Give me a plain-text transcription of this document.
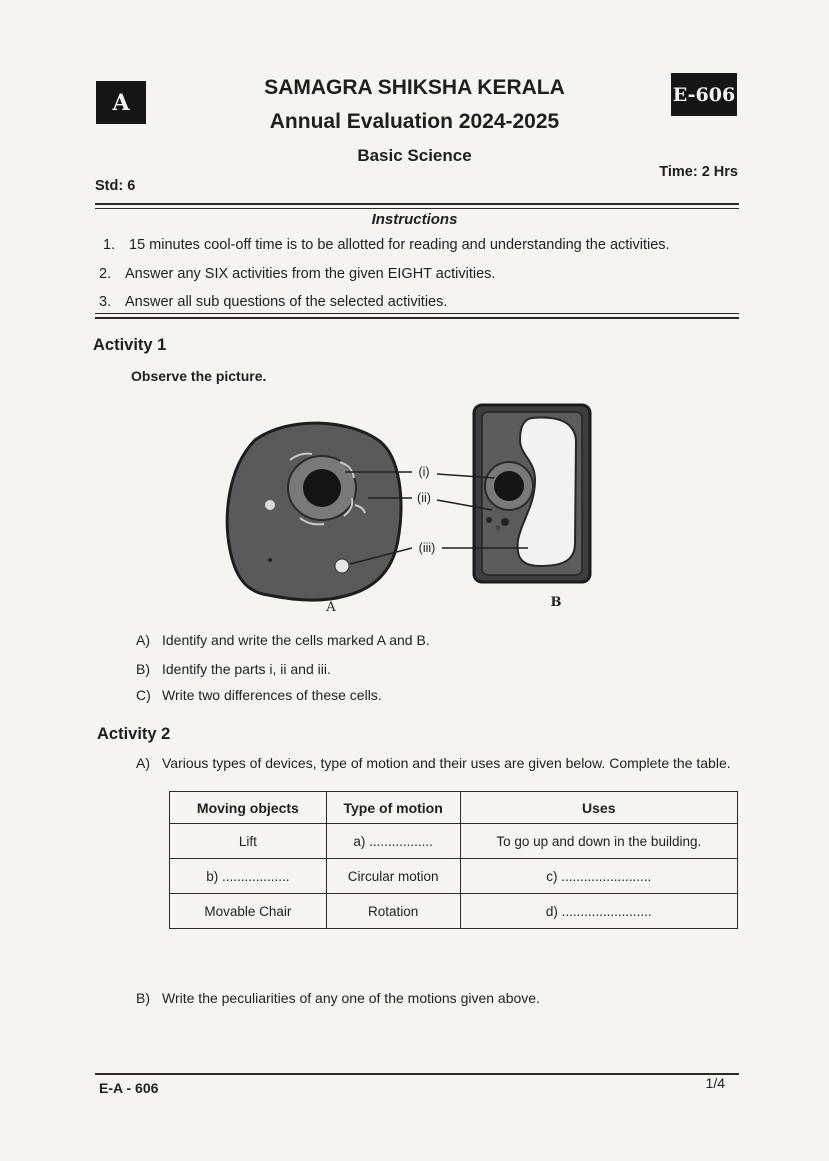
A	E-606
SAMAGRA SHIKSHA KERALA
Annual Evaluation 2024-2025
Basic Science
Std: 6
Time: 2 Hrs
Instructions
1. 15 minutes cool-off time is to be allotted for reading and understanding the activities.
2. Answer any SIX activities from the given EIGHT activities.
3. Answer all sub questions of the selected activities.
Activity 1
Observe the picture.
(i)
(ii)
(iii)
A	B
A) Identify and write the cells marked A and B.
B) Identify the parts i, ii and iii.
C) Write two differences of these cells.
Activity 2
A) Various types of devices, type of motion and their uses are given below. Complete the table.
Moving objects	Type of motion	Uses
Lift	a) .................	To go up and down in the building.
b) ..................	Circular motion	c) ........................
Movable Chair	Rotation	d) ........................
B) Write the peculiarities of any one of the motions given above.
E-A - 606	1/4
